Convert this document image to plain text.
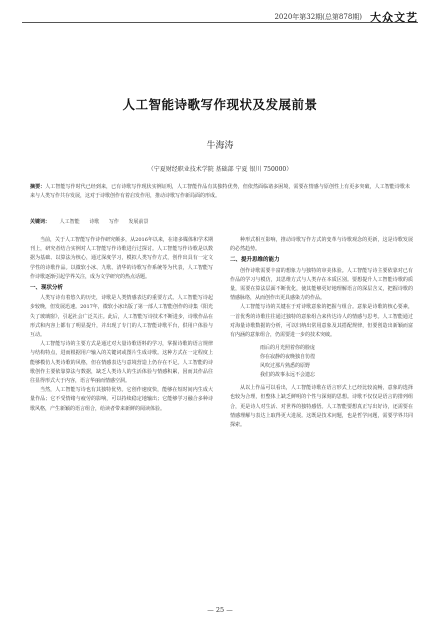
2020年第32期(总第878期) 大众文艺
人工智能诗歌写作现状及发展前景
牛海涛
（宁夏财经职业技术学院 基础部 宁夏 银川 750000）
摘要：人工智能写作时代已经到来，已有诗歌写作现状实例证明，人工智能作品有其独特优势，但依然面临诸多困境，需要在情感与原创性上有更多突破，人工智能诗歌未来与人类写作共存发展，这对于诗歌创作有着启发作用，推动诗歌写作新局面的形成。
关键词： 人工智能 诗歌 写作 发展前景

当前，关于人工智能写作诗作研究颇多，从2016年以来，在诸多媒体和学术期刊上，研究者结合实例对人工智能写作诗歌进行过探讨。人工智能写作诗歌是以数据为基础、以算法为核心，通过深度学习，模拟人类写作方式，创作出具有一定文学性的诗歌作品。以微软小冰、九歌、清华的诗歌写作系统等为代表，人工智能写作诗歌逐渐引起学界关注，成为文学研究的热点话题。

一、现状分析

人类写诗有着悠久的历史，诗歌是人类情感表达的重要方式。人工智能写诗起步较晚，但发展迅速。2017年，微软小冰出版了第一部人工智能创作的诗集《阳光失了玻璃窗》，引起社会广泛关注。此后，人工智能写诗技术不断进步，诗歌作品在形式和内容上都有了明显提升，并出现了专门的人工智能诗歌平台，供用户体验与互动。

人工智能写诗的主要方式是通过对大量诗歌语料的学习，掌握诗歌的语言规律与结构特点，进而根据用户输入的关键词或图片生成诗歌。这种方式在一定程度上能够模仿人类诗歌的风格，但在情感表达与意境营造上仍存在不足。人工智能的诗歌创作主要依靠算法与数据，缺乏人类诗人的生活体验与情感积累，因而其作品往往显得形式大于内容，语言华丽而情感空洞。

当然，人工智能写诗也有其独特优势。它创作速度快，能够在短时间内生成大量作品；它不受情绪与疲劳的影响，可以持续稳定地输出；它能够学习融合多种诗歌风格，产生新颖的语言组合，给读者带来新鲜的阅读体验。

种形式相互影响，推动诗歌写作方式的变革与诗歌观念的更新，这是诗歌发展的必然趋势。

二、提升思维的能力

创作诗歌需要丰富的想象力与独特的审美体验。人工智能写诗主要依靠对已有作品的学习与模仿，其思维方式与人类存在本质区别。要想提升人工智能诗歌的质量，需要在算法层面不断优化，使其能够更好地理解语言的深层含义，把握诗歌的情感脉络，从而创作出更具感染力的作品。

人工智能写诗的关键在于对诗歌意象的把握与组合。意象是诗歌的核心要素，一首优秀的诗歌往往通过独特的意象组合来传达诗人的情感与思考。人工智能通过对海量诗歌数据的分析，可以归纳出常用意象及其搭配规律，但要创造出新颖而富有内涵的意象组合，仍需要进一步的技术突破。

雨后的月光照着你的脸庞
你在寂静的夜晚独自彷徨
风吹过那片熟悉的原野
我们的故事永远不会遗忘

从以上作品可以看出，人工智能诗歌在语言形式上已经比较流畅，意象的选择也较为合理，但整体上缺乏鲜明的个性与深刻的思想。诗歌不仅仅是语言的排列组合，更是诗人对生活、对世界的独特感悟。人工智能要想真正写出好诗，还需要在情感理解与表达上取得更大进展。这既是技术问题，也是哲学问题，需要学界共同探索。

— 25 —
